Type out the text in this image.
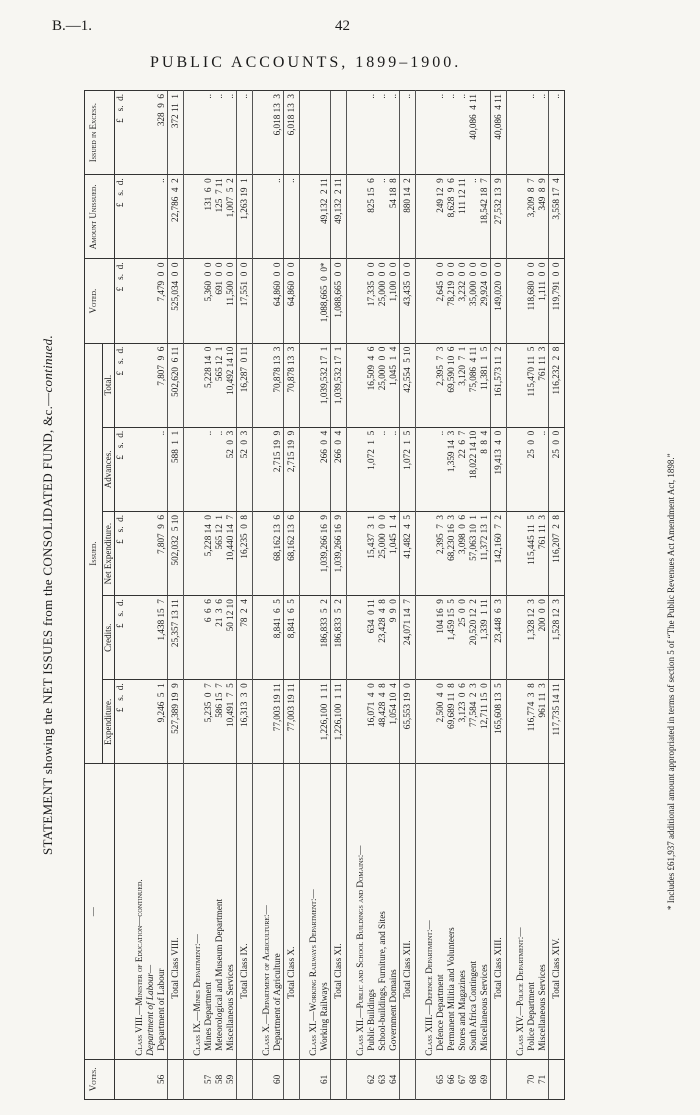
B.—1.	42
PUBLIC ACCOUNTS, 1899–1900.
STATEMENT showing the NET ISSUES from the CONSOLIDATED FUND, &c.—continued.
Votes.	—	Issued.					Voted.	Amount Unissued.	Issued in Excess.
		Expenditure.	Credits.	Net Expenditure.	Advances.	Total.			
		£   s.  d.	£   s.  d.	£   s.  d.	£   s.  d.	£   s.  d.	£   s.  d.	£   s.  d.	£   s.  d.

	Class VIII.—Minister of Education—continued.								
	Department of Labour—								
56	Department of Labour	9,246  5  1	1,438 15  7	7,807  9  6	..	7,807  9  6	7,479  0  0	..	328  9  6
	Total Class VIII.	527,389 19  9	25,357 13 11	502,032  5 10	588  1  1	502,620  6 11	525,034  0  0	22,786  4  2	372 11  1

	Class IX.—Mines Department:—								
57	Mines Department	5,235  0  7	6  6  6	5,228 14  0	..	5,228 14  0	5,360  0  0	131  6  0	..
58	Meteorological and Museum Department	586 15  7	21  3  6	565 12  1	..	565 12  1	691  0  0	125  7 11	..
59	Miscellaneous Services	10,491  7  5	50 12 10	10,440 14  7	52  0  3	10,492 14 10	11,500  0  0	1,007  5  2	..
	Total Class IX.	16,313  3  0	78  2  4	16,235  0  8	52  0  3	16,287  0 11	17,551  0  0	1,263 19  1	..

	Class X.—Department of Agriculture:—								
60	Department of Agriculture	77,003 19 11	8,841  6  5	68,162 13  6	2,715 19  9	70,878 13  3	64,860  0  0	..	6,018 13  3
	Total Class X.	77,003 19 11	8,841  6  5	68,162 13  6	2,715 19  9	70,878 13  3	64,860  0  0	..	6,018 13  3

	Class XI.—Working Railways Department:—								
61	Working Railways	1,226,100  1 11	186,833  5  2	1,039,266 16  9	266  0  4	1,039,532 17  1	1,088,665  0  0*	49,132  2 11	
	Total Class XI.	1,226,100  1 11	186,833  5  2	1,039,266 16  9	266  0  4	1,039,532 17  1	1,088,665  0  0	49,132  2 11	

	Class XII.—Public and School Buildings and Domains:—								
62	Public Buildings	16,071  4  0	634  0 11	15,437  3  1	1,072  1  5	16,509  4  6	17,335  0  0	825 15  6	..
63	School-buildings, Furniture, and Sites	48,428  4  8	23,428  4  8	25,000  0  0	..	25,000  0  0	25,000  0  0	..	..
64	Government Domains	1,054 10  4	9  9  0	1,045  1  4	..	1,045  1  4	1,100  0  0	54 18  8	..
	Total Class XII.	65,553 19  0	24,071 14  7	41,482  4  5	1,072  1  5	42,554  5 10	43,435  0  0	880 14  2	..

	Class XIII.—Defence Department:—								
65	Defence Department	2,500  4  0	104 16  9	2,395  7  3	..	2,395  7  3	2,645  0  0	249 12  9	..
66	Permanent Militia and Volunteers	69,689 11  8	1,459 15  5	68,230 16  3	1,359 14  3	69,590 10  6	78,219  0  0	8,628  9  6	..
67	Stores and Magazines	3,123  0  6	25  0  0	3,098  0  6	22  6  7	3,120  7  1	3,232  0  0	111 12 11	..
68	South Africa Contingent	77,584  2  3	20,520 12  2	57,063 10  1	18,022 14 10	75,086  4 11	35,000  0  0	..	40,086  4 11
69	Miscellaneous Services	12,711 15  0	1,339  1 11	11,372 13  1	8  8  4	11,381  1  5	29,924  0  0	18,542 18  7	
	Total Class XIII.	165,608 13  5	23,448  6  3	142,160  7  2	19,413  4  0	161,573 11  2	149,020  0  0	27,532 13  9	40,086  4 11

	Class XIV.—Police Department:—								
70	Police Department	116,774  3  8	1,328 12  3	115,445 11  5	25  0  0	115,470 11  5	118,680  0  0	3,209  8  7	..
71	Miscellaneous Services	961 11  3	200  0  0	761 11  3	..	761 11  3	1,111  0  0	349  8  9	..
	Total Class XIV.	117,735 14 11	1,528 12  3	116,207  2  8	25  0  0	116,232  2  8	119,791  0  0	3,558 17  4	..
* Includes £61,937 additional amount appropriated in terms of section 5 of “The Public Revenues Act Amendment Act, 1898.”
